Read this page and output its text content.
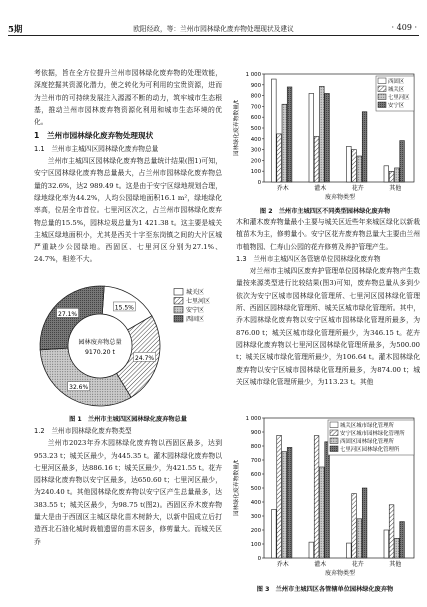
5期	欧阳经政，等：兰州市园林绿化废弃物处理现状及建议	· 409 ·

考依据，旨在全方位提升兰州市园林绿化废弃物的处理效能，深度挖掘其资源化潜力，使之转化为可利用的宝贵资源，进而为兰州市的可持续发展注入源源不断的动力，筑牢城市生态根基，推动兰州市园林废弃物资源化利用和城市生态环境的优化。

1　兰州市园林绿化废弃物处理现状

1.1　兰州市主城四区园林绿化废弃物总量

兰州市主城四区园林绿化废弃物总量统计结果(图1)可知，安宁区园林绿化废弃物总量最大，占兰州市园林绿化废弃物总量的32.6%，达2 989.49 t。这是由于安宁区绿地规划合理，绿地绿化率为44.2%，人均公园绿地面积16.1 m²，绿地绿化率高，位居全市首位。七里河区次之，占兰州市园林绿化废弃物总量的15.5%，园林垃圾总量为1 421.38 t。这主要是城关主城区绿地面积小，尤其是西关十字至东岗镇之间的大片区城严重缺少公园绿地。西固区、七里河区分别为27.1%、24.7%，相差不大。

15.5%
24.7%
32.6%
27.1%
园林废弃物总量
9170.20 t
城关区
七里河区
安宁区
西固区
图 1　兰州市主城四区园林绿化废弃物总量

1.2　兰州市园林绿化废弃物类型

兰州市2023年乔木园林绿化废弃物以西固区最多，达到953.23 t；城关区最少，为445.35 t。灌木园林绿化废弃物以七里河区最多，达886.16 t；城关区最少，为421.55 t。花卉园林绿化废弃物以安宁区最多，达650.60 t；七里河区最少，为240.40 t。其他园林绿化废弃物以安宁区产生总量最多，达383.55 t；城关区最少，为98.75 t(图2)。西固区乔木废弃物量大是由于西固区主城区绿化苗木树龄大，以新中国成立后打造西北石油化城时栽植遗留的苗木居多，修剪量大。而城关区乔

0
100
200
300
400
500
600
700
800
900
1 000
园林绿化废弃物数量/t
乔木	灌木	花卉	其他
废弃物类型
西固区
城关区
七里河区
安宁区
图 2　兰州市主城四区不同类型园林绿化废弃物

木和灌木废弃物量最小主要与城关区近些年来城区绿化以新栽植苗木为主，修剪量小。安宁区花卉废弃物总量大主要由兰州市植物园、仁寿山公园的花卉修剪及养护管理产生。

1.3　兰州市主城四区各管辖单位园林绿化废弃物

对兰州市主城四区废弃护管理单位园林绿化废弃物产生数量按来源类型进行比较结果(图3)可知，废弃物总量从多到少依次为安宁区城市园林绿化管理所、七里河区园林绿化管理所、西固区园林绿化管理所、城关区城市绿化管理所。其中，乔木园林绿化废弃物以安宁区城市园林绿化管理所最多，为876.00 t；城关区城市绿化管理所最少，为346.15 t。花卉园林绿化废弃物以七里河区园林绿化管理所最多，为500.00 t；城关区城市绿化管理所最少，为106.64 t。灌木园林绿化废弃物以安宁区城市园林绿化管理所最多，为874.00 t；城关区城市绿化管理所最少，为113.23 t。其他

0
100
200
300
400
500
600
700
800
900
1 000
园林绿化废弃物数量/t
乔木	灌木	花卉	其他
废弃物类型
城关区城市绿化管理所
安宁区城市园林绿化管理所
西固区园林绿化管理所
七里河区园林绿化管理所
图 3　兰州市主城四区各管辖单位园林绿化废弃物
